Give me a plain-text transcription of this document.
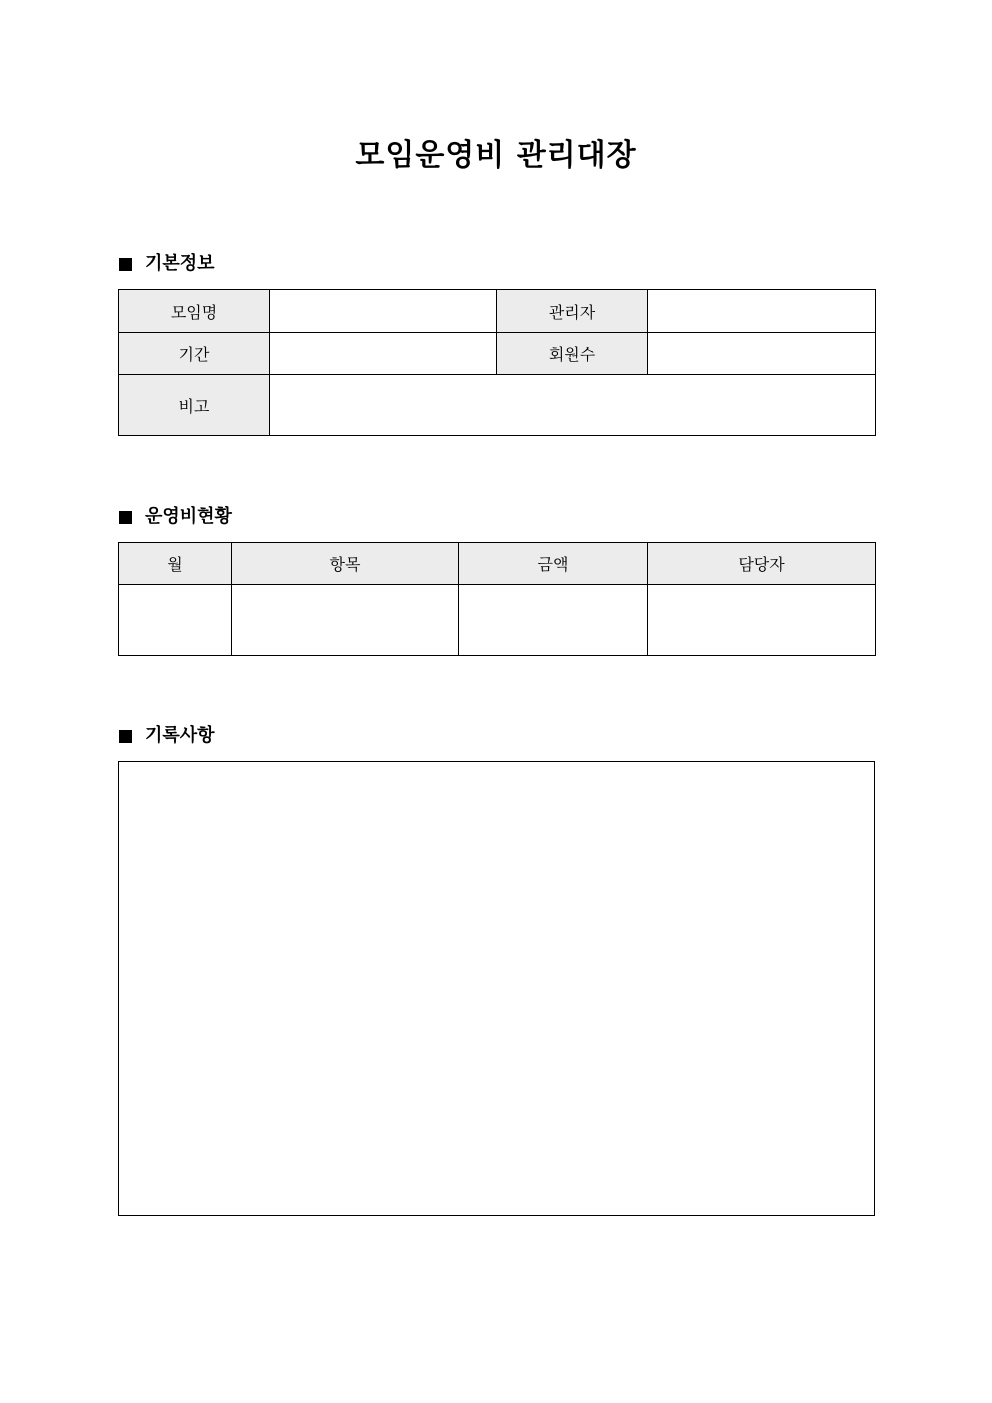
모임운영비 관리대장
기본정보
모임명		관리자	
기간		회원수	
비고			
운영비현황
월	항목	금액	담당자

기록사항
